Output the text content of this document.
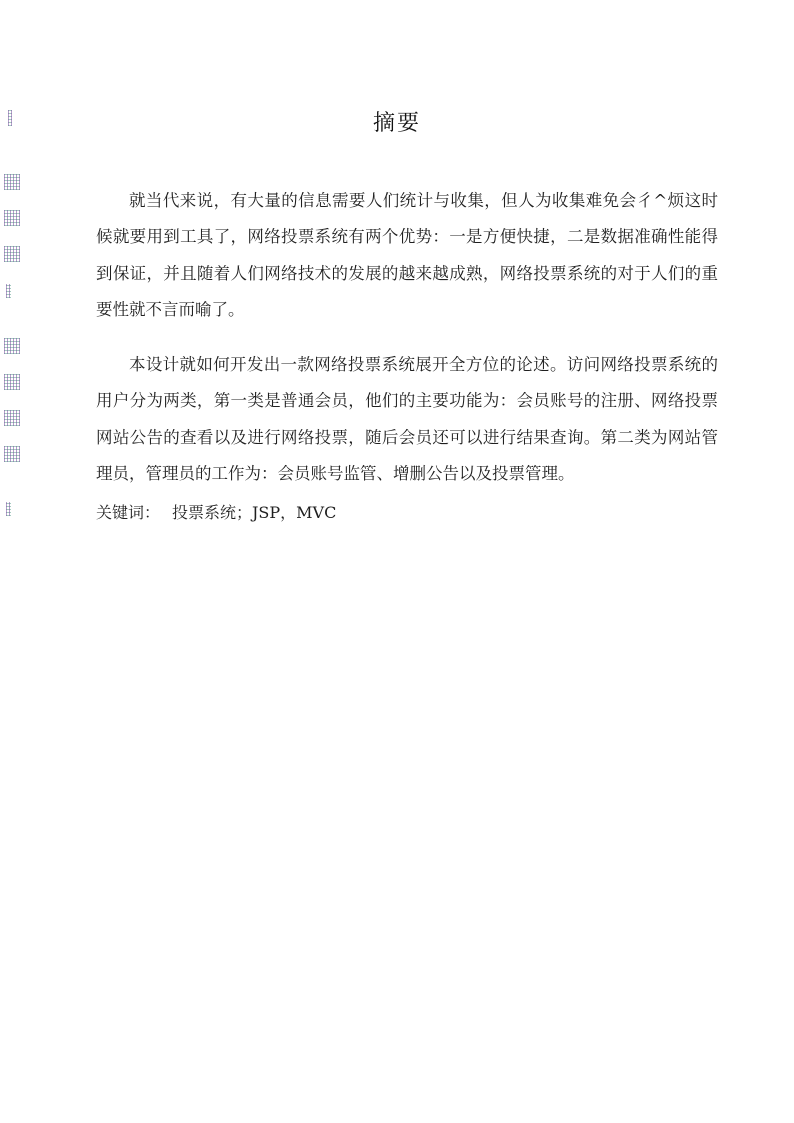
摘要

就当代来说，有大量的信息需要人们统计与收集，但人为收集难免会彳^烦这时候就要用到工具了，网络投票系统有两个优势：一是方便快捷，二是数据准确性能得到保证，并且随着人们网络技术的发展的越来越成熟，网络投票系统的对于人们的重要性就不言而喻了。

本设计就如何开发出一款网络投票系统展开全方位的论述。访问网络投票系统的用户分为两类，第一类是普通会员，他们的主要功能为：会员账号的注册、网络投票网站公告的查看以及进行网络投票，随后会员还可以进行结果查询。第二类为网站管理员，管理员的工作为：会员账号监管、增删公告以及投票管理。

关键词： 投票系统；JSP，MVC
